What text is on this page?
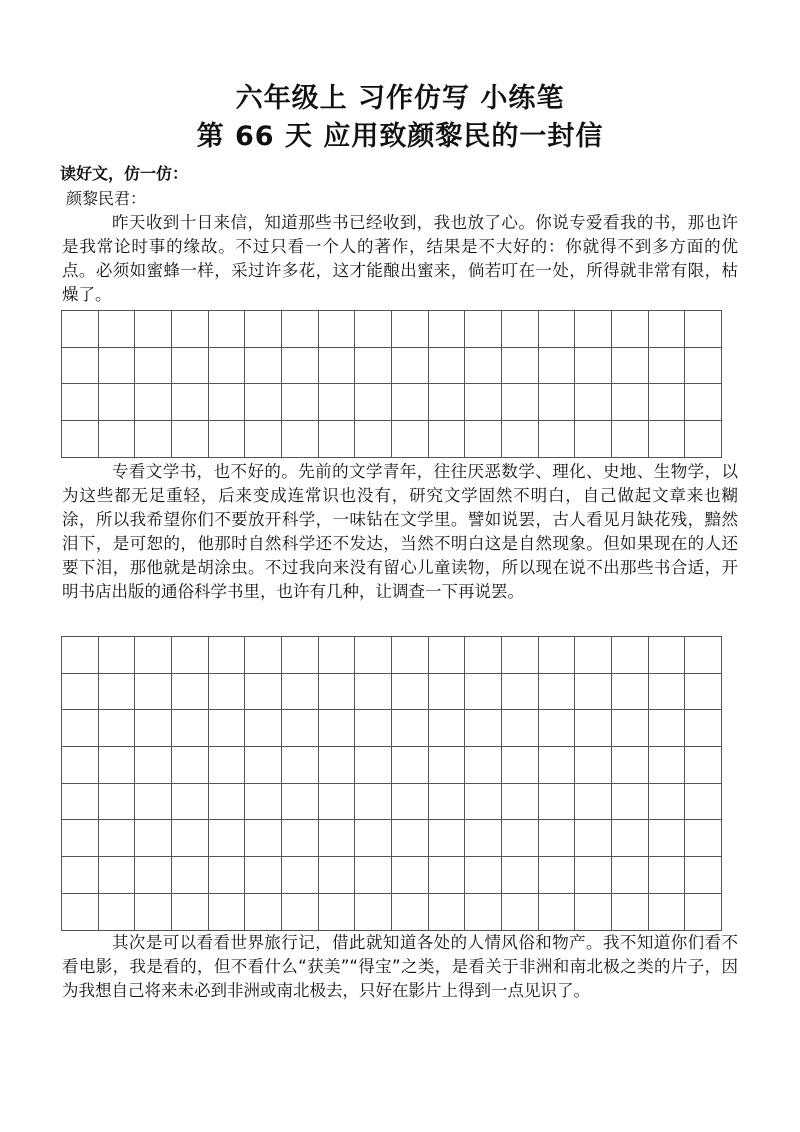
六年级上 习作仿写 小练笔
第 66 天 应用致颜黎民的一封信
读好文，仿一仿：
颜黎民君：

昨天收到十日来信，知道那些书已经收到，我也放了心。你说专爱看我的书，那也许是我常论时事的缘故。不过只看一个人的著作，结果是不大好的：你就得不到多方面的优点。必须如蜜蜂一样，采过许多花，这才能酿出蜜来，倘若叮在一处，所得就非常有限，枯燥了。

专看文学书，也不好的。先前的文学青年，往往厌恶数学、理化、史地、生物学，以为这些都无足重轻，后来变成连常识也没有，研究文学固然不明白，自己做起文章来也糊涂，所以我希望你们不要放开科学，一味钻在文学里。譬如说罢，古人看见月缺花残，黯然泪下，是可恕的，他那时自然科学还不发达，当然不明白这是自然现象。但如果现在的人还要下泪，那他就是胡涂虫。不过我向来没有留心儿童读物，所以现在说不出那些书合适，开明书店出版的通俗科学书里，也许有几种，让调查一下再说罢。

其次是可以看看世界旅行记，借此就知道各处的人情风俗和物产。我不知道你们看不看电影，我是看的，但不看什么“获美”“得宝”之类，是看关于非洲和南北极之类的片子，因为我想自己将来未必到非洲或南北极去，只好在影片上得到一点见识了。
